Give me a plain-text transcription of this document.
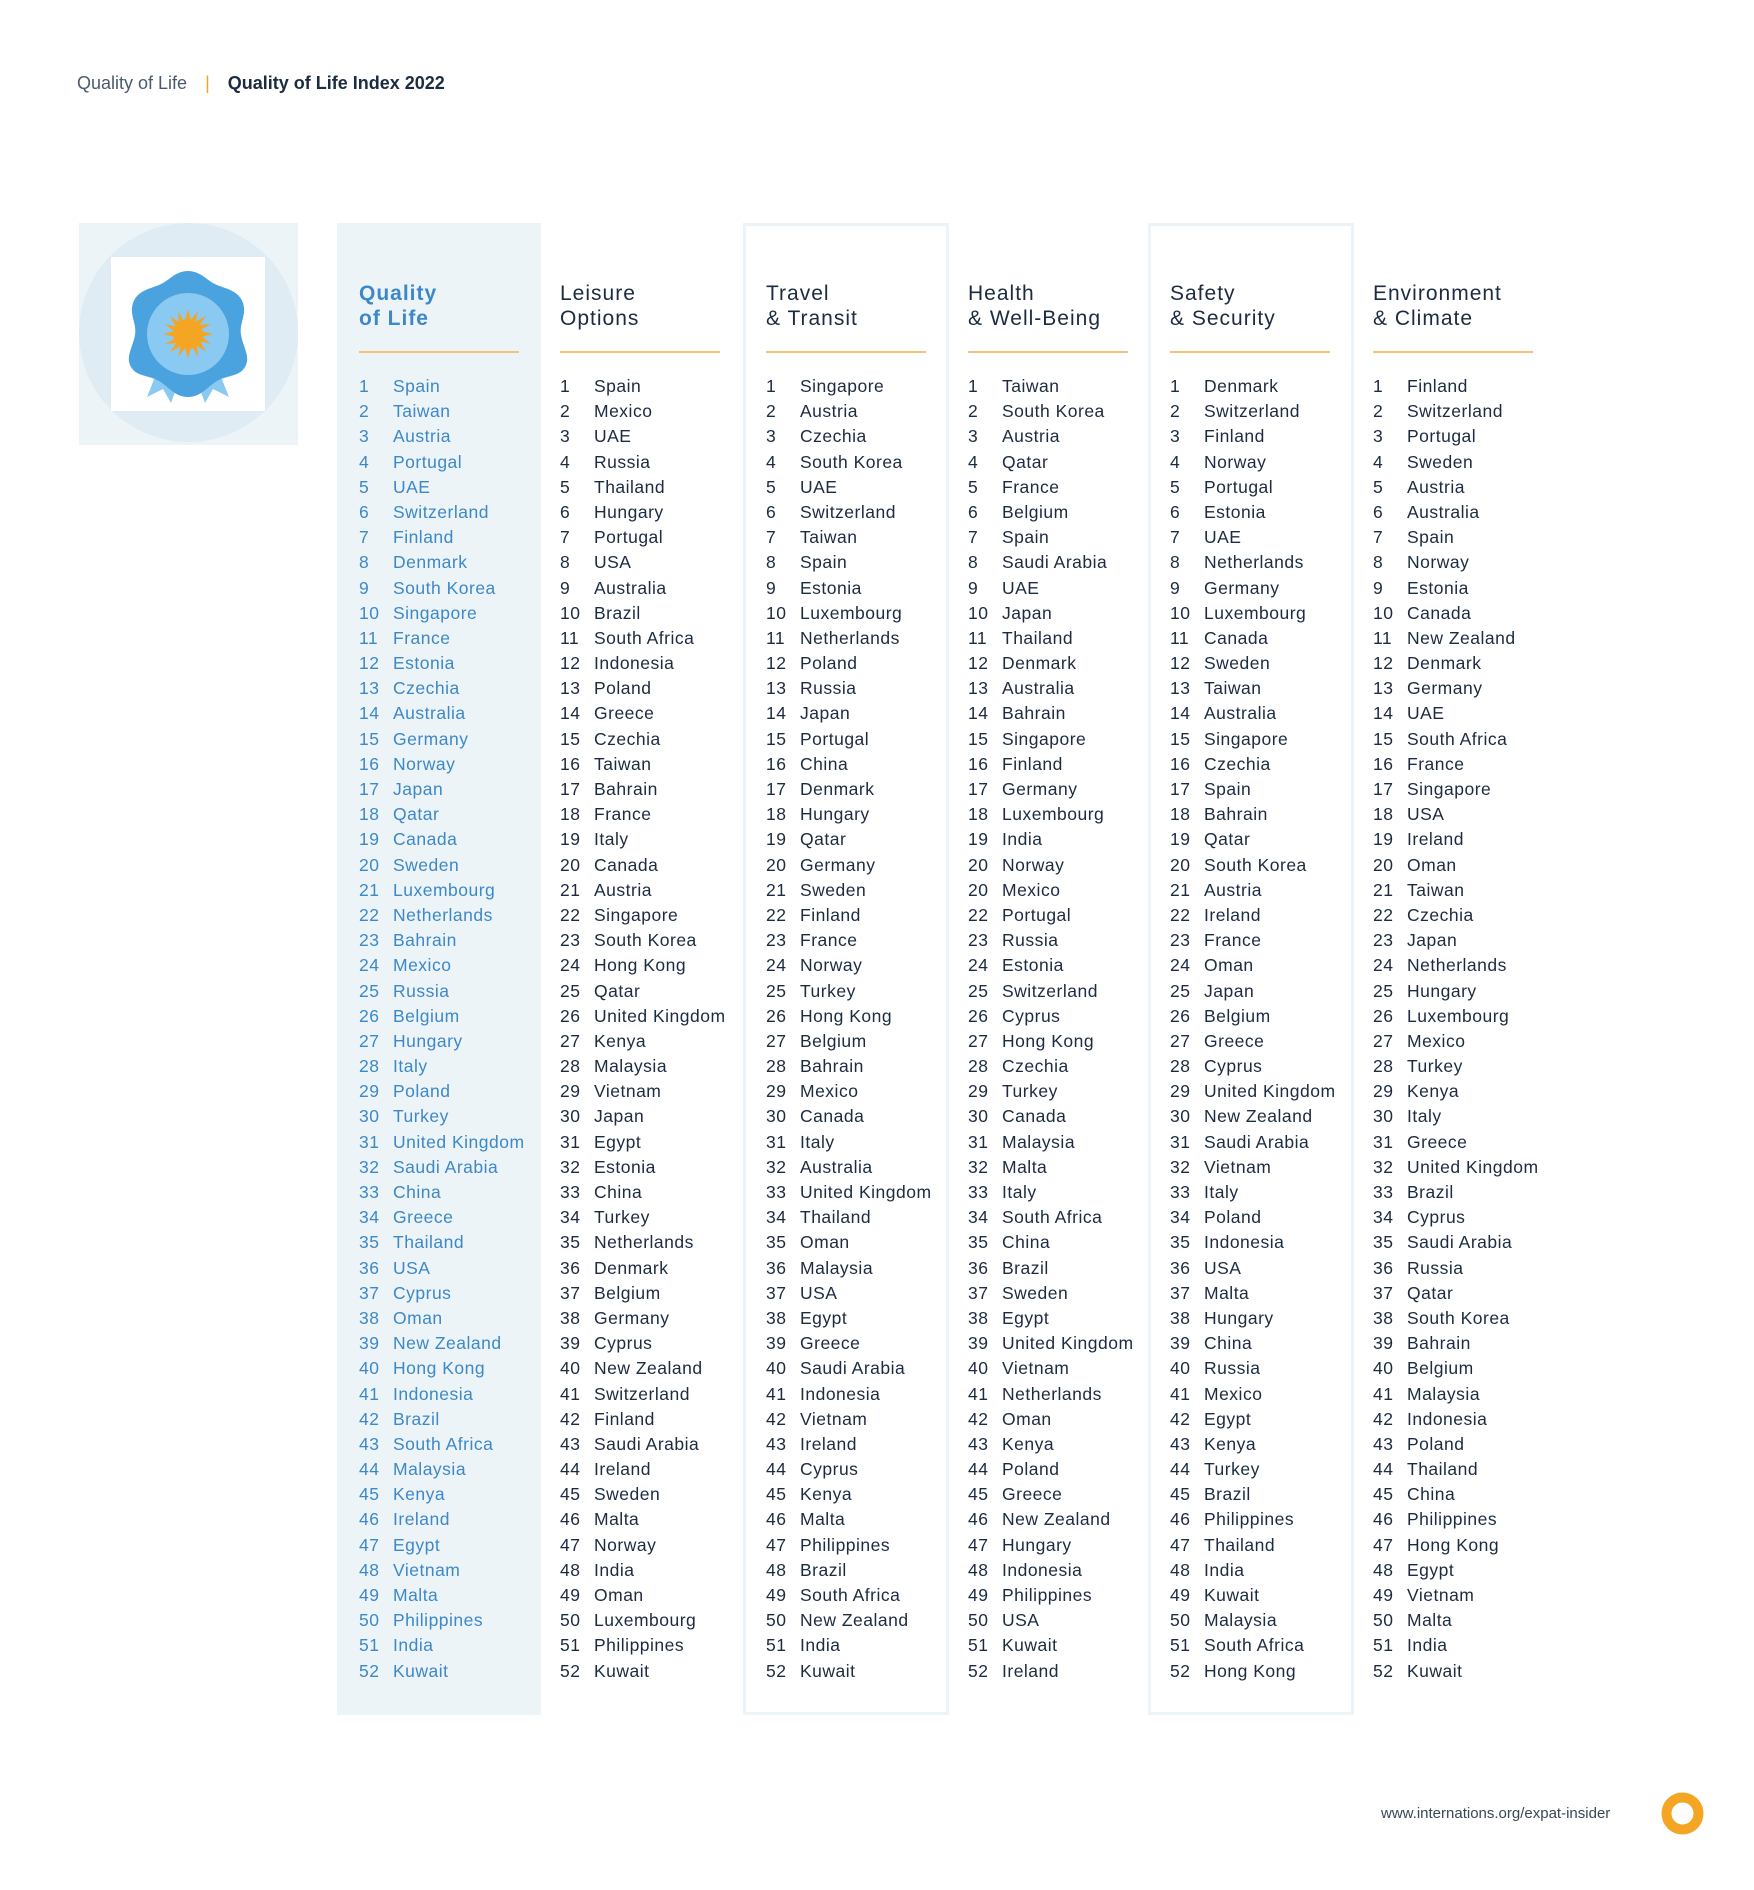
Quality of Life | Quality of Life Index 2022
Quality
of Life
1 Spain
2 Taiwan
3 Austria
4 Portugal
5 UAE
6 Switzerland
7 Finland
8 Denmark
9 South Korea
10 Singapore
11 France
12 Estonia
13 Czechia
14 Australia
15 Germany
16 Norway
17 Japan
18 Qatar
19 Canada
20 Sweden
21 Luxembourg
22 Netherlands
23 Bahrain
24 Mexico
25 Russia
26 Belgium
27 Hungary
28 Italy
29 Poland
30 Turkey
31 United Kingdom
32 Saudi Arabia
33 China
34 Greece
35 Thailand
36 USA
37 Cyprus
38 Oman
39 New Zealand
40 Hong Kong
41 Indonesia
42 Brazil
43 South Africa
44 Malaysia
45 Kenya
46 Ireland
47 Egypt
48 Vietnam
49 Malta
50 Philippines
51 India
52 Kuwait
Leisure
Options
1 Spain
2 Mexico
3 UAE
4 Russia
5 Thailand
6 Hungary
7 Portugal
8 USA
9 Australia
10 Brazil
11 South Africa
12 Indonesia
13 Poland
14 Greece
15 Czechia
16 Taiwan
17 Bahrain
18 France
19 Italy
20 Canada
21 Austria
22 Singapore
23 South Korea
24 Hong Kong
25 Qatar
26 United Kingdom
27 Kenya
28 Malaysia
29 Vietnam
30 Japan
31 Egypt
32 Estonia
33 China
34 Turkey
35 Netherlands
36 Denmark
37 Belgium
38 Germany
39 Cyprus
40 New Zealand
41 Switzerland
42 Finland
43 Saudi Arabia
44 Ireland
45 Sweden
46 Malta
47 Norway
48 India
49 Oman
50 Luxembourg
51 Philippines
52 Kuwait
Travel
& Transit
1 Singapore
2 Austria
3 Czechia
4 South Korea
5 UAE
6 Switzerland
7 Taiwan
8 Spain
9 Estonia
10 Luxembourg
11 Netherlands
12 Poland
13 Russia
14 Japan
15 Portugal
16 China
17 Denmark
18 Hungary
19 Qatar
20 Germany
21 Sweden
22 Finland
23 France
24 Norway
25 Turkey
26 Hong Kong
27 Belgium
28 Bahrain
29 Mexico
30 Canada
31 Italy
32 Australia
33 United Kingdom
34 Thailand
35 Oman
36 Malaysia
37 USA
38 Egypt
39 Greece
40 Saudi Arabia
41 Indonesia
42 Vietnam
43 Ireland
44 Cyprus
45 Kenya
46 Malta
47 Philippines
48 Brazil
49 South Africa
50 New Zealand
51 India
52 Kuwait
Health
& Well-Being
1 Taiwan
2 South Korea
3 Austria
4 Qatar
5 France
6 Belgium
7 Spain
8 Saudi Arabia
9 UAE
10 Japan
11 Thailand
12 Denmark
13 Australia
14 Bahrain
15 Singapore
16 Finland
17 Germany
18 Luxembourg
19 India
20 Norway
20 Mexico
22 Portugal
23 Russia
24 Estonia
25 Switzerland
26 Cyprus
27 Hong Kong
28 Czechia
29 Turkey
30 Canada
31 Malaysia
32 Malta
33 Italy
34 South Africa
35 China
36 Brazil
37 Sweden
38 Egypt
39 United Kingdom
40 Vietnam
41 Netherlands
42 Oman
43 Kenya
44 Poland
45 Greece
46 New Zealand
47 Hungary
48 Indonesia
49 Philippines
50 USA
51 Kuwait
52 Ireland
Safety
& Security
1 Denmark
2 Switzerland
3 Finland
4 Norway
5 Portugal
6 Estonia
7 UAE
8 Netherlands
9 Germany
10 Luxembourg
11 Canada
12 Sweden
13 Taiwan
14 Australia
15 Singapore
16 Czechia
17 Spain
18 Bahrain
19 Qatar
20 South Korea
21 Austria
22 Ireland
23 France
24 Oman
25 Japan
26 Belgium
27 Greece
28 Cyprus
29 United Kingdom
30 New Zealand
31 Saudi Arabia
32 Vietnam
33 Italy
34 Poland
35 Indonesia
36 USA
37 Malta
38 Hungary
39 China
40 Russia
41 Mexico
42 Egypt
43 Kenya
44 Turkey
45 Brazil
46 Philippines
47 Thailand
48 India
49 Kuwait
50 Malaysia
51 South Africa
52 Hong Kong
Environment
& Climate
1 Finland
2 Switzerland
3 Portugal
4 Sweden
5 Austria
6 Australia
7 Spain
8 Norway
9 Estonia
10 Canada
11 New Zealand
12 Denmark
13 Germany
14 UAE
15 South Africa
16 France
17 Singapore
18 USA
19 Ireland
20 Oman
21 Taiwan
22 Czechia
23 Japan
24 Netherlands
25 Hungary
26 Luxembourg
27 Mexico
28 Turkey
29 Kenya
30 Italy
31 Greece
32 United Kingdom
33 Brazil
34 Cyprus
35 Saudi Arabia
36 Russia
37 Qatar
38 South Korea
39 Bahrain
40 Belgium
41 Malaysia
42 Indonesia
43 Poland
44 Thailand
45 China
46 Philippines
47 Hong Kong
48 Egypt
49 Vietnam
50 Malta
51 India
52 Kuwait
www.internations.org/expat-insider
